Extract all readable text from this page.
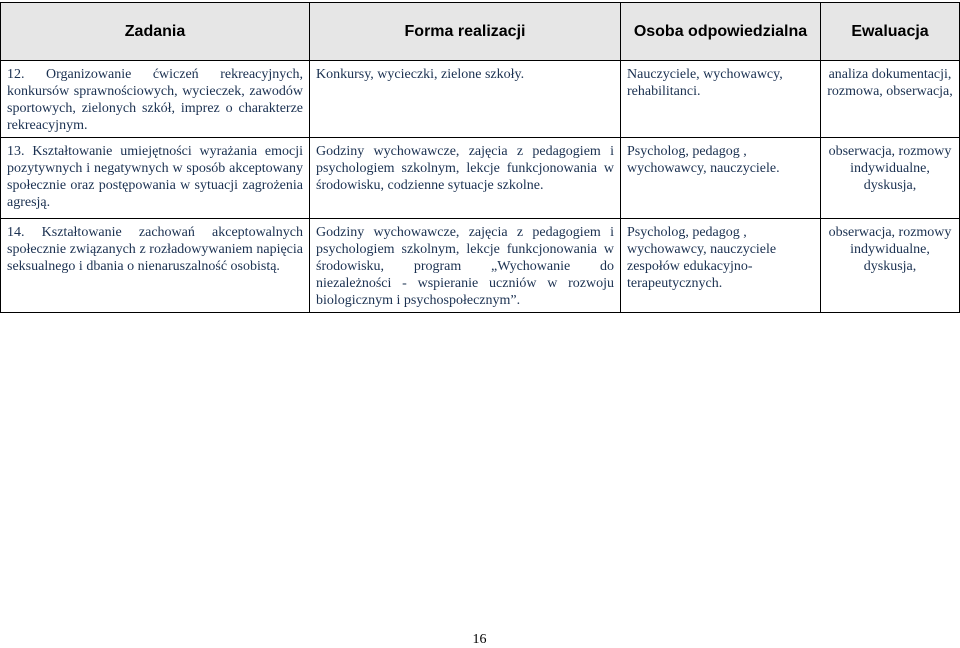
Zadania	Forma realizacji	Osoba odpowiedzialna	Ewaluacja
12. Organizowanie ćwiczeń rekreacyjnych, konkursów sprawnościowych, wycieczek, zawodów sportowych, zielonych szkół, imprez o charakterze rekreacyjnym.	Konkursy, wycieczki, zielone szkoły.	Nauczyciele, wychowawcy, rehabilitanci.	analiza dokumentacji, rozmowa, obserwacja,
13. Kształtowanie umiejętności wyrażania emocji pozytywnych i negatywnych w sposób akceptowany społecznie oraz postępowania w sytuacji zagrożenia agresją.	Godziny wychowawcze, zajęcia z pedagogiem i psychologiem szkolnym, lekcje funkcjonowania w środowisku, codzienne sytuacje szkolne.	Psycholog, pedagog , wychowawcy, nauczyciele.	obserwacja, rozmowy indywidualne, dyskusja,
14. Kształtowanie zachowań akceptowalnych społecznie związanych z rozładowywaniem napięcia seksualnego i dbania o nienaruszalność osobistą.	Godziny wychowawcze, zajęcia z pedagogiem i psychologiem szkolnym, lekcje funkcjonowania w środowisku, program „Wychowanie do niezależności - wspieranie uczniów w rozwoju biologicznym i psychospołecznym”.	Psycholog, pedagog , wychowawcy, nauczyciele zespołów edukacyjno-terapeutycznych.	obserwacja, rozmowy indywidualne, dyskusja,
16
